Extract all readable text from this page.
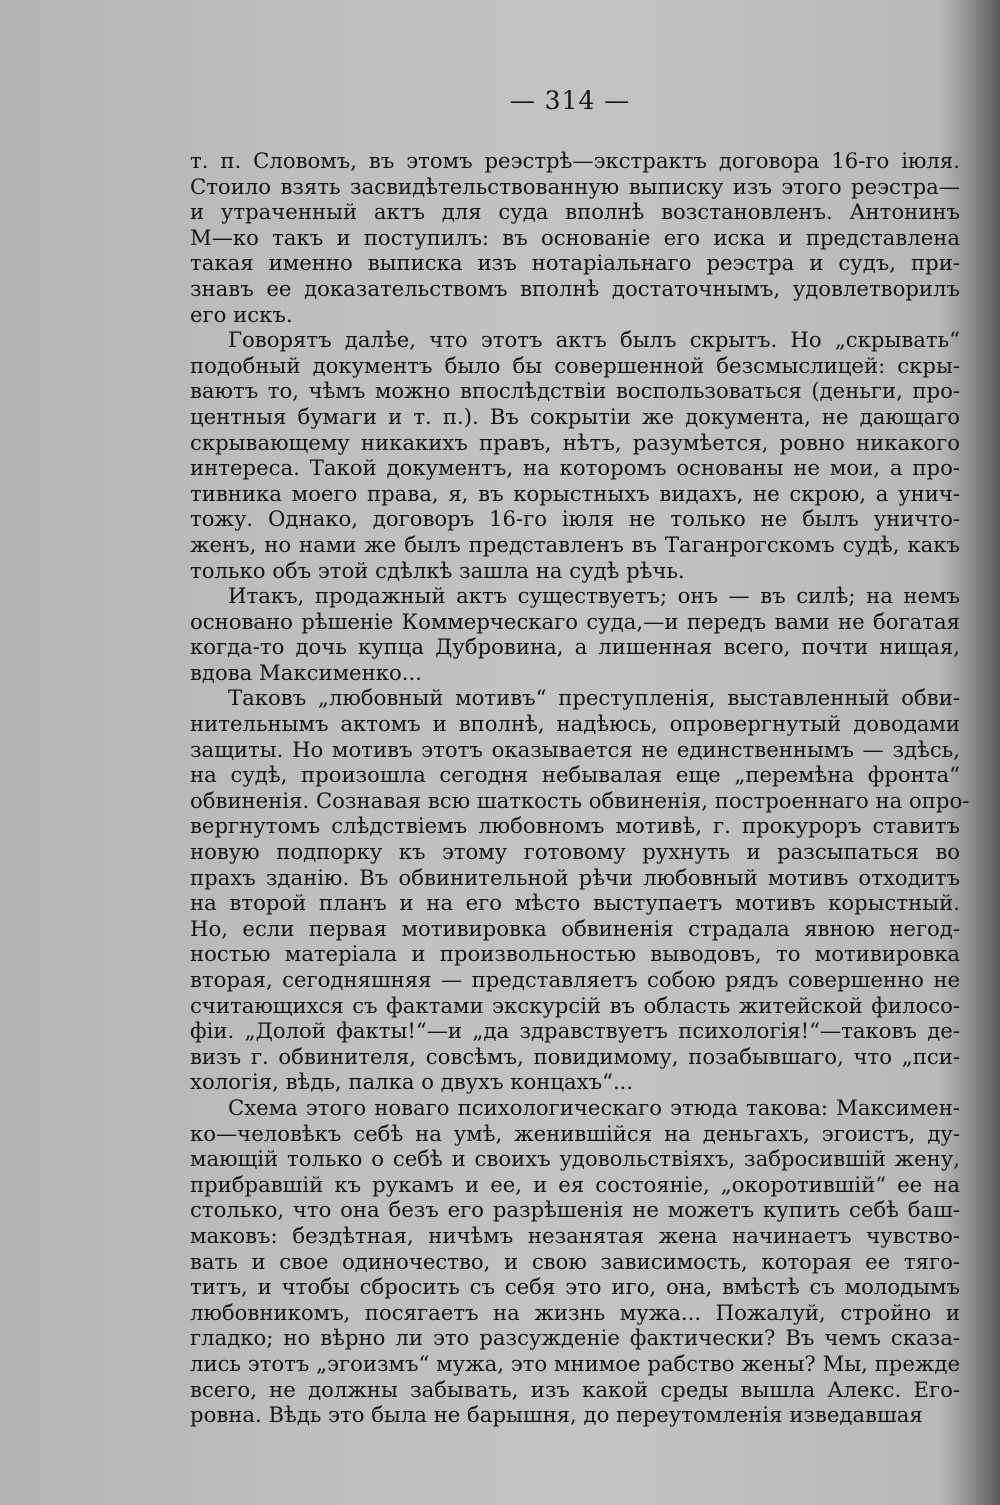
— 314 —
т. п. Словомъ, въ этомъ реэстрѣ—экстрактъ договора 16-го іюля.
Стоило взять засвидѣтельствованную выписку изъ этого реэстра—
и утраченный актъ для суда вполнѣ возстановленъ. Антонинъ
М—ко такъ и поступилъ: въ основаніе его иска и представлена
такая именно выписка изъ нотаріальнаго реэстра и судъ, при-
знавъ ее доказательствомъ вполнѣ достаточнымъ, удовлетворилъ
его искъ.
Говорятъ далѣе, что этотъ актъ былъ скрытъ. Но „скрывать“
подобный документъ было бы совершенной безсмыслицей: скры-
ваютъ то, чѣмъ можно впослѣдствіи воспользоваться (деньги, про-
центныя бумаги и т. п.). Въ сокрытіи же документа, не дающаго
скрывающему никакихъ правъ, нѣтъ, разумѣется, ровно никакого
интереса. Такой документъ, на которомъ основаны не мои, а про-
тивника моего права, я, въ корыстныхъ видахъ, не скрою, а унич-
тожу. Однако, договоръ 16-го іюля не только не былъ уничто-
женъ, но нами же былъ представленъ въ Таганрогскомъ судѣ, какъ
только объ этой сдѣлкѣ зашла на судѣ рѣчь.
Итакъ, продажный актъ существуетъ; онъ — въ силѣ; на немъ
основано рѣшеніе Коммерческаго суда,—и передъ вами не богатая
когда-то дочь купца Дубровина, а лишенная всего, почти нищая,
вдова Максименко...
Таковъ „любовный мотивъ“ преступленія, выставленный обви-
нительнымъ актомъ и вполнѣ, надѣюсь, опровергнутый доводами
защиты. Но мотивъ этотъ оказывается не единственнымъ — здѣсь,
на судѣ, произошла сегодня небывалая еще „перемѣна фронта“
обвиненія. Сознавая всю шаткость обвиненія, построеннаго на опро-
вергнутомъ слѣдствіемъ любовномъ мотивѣ, г. прокуроръ ставитъ
новую подпорку къ этому готовому рухнуть и разсыпаться во
прахъ зданію. Въ обвинительной рѣчи любовный мотивъ отходитъ
на второй планъ и на его мѣсто выступаетъ мотивъ корыстный.
Но, если первая мотивировка обвиненія страдала явною негод-
ностью матеріала и произвольностью выводовъ, то мотивировка
вторая, сегодняшняя — представляетъ собою рядъ совершенно не
считающихся съ фактами экскурсій въ область житейской филосо-
фіи. „Долой факты!“—и „да здравствуетъ психологія!“—таковъ де-
визъ г. обвинителя, совсѣмъ, повидимому, позабывшаго, что „пси-
хологія, вѣдь, палка о двухъ концахъ“...
Схема этого новаго психологическаго этюда такова: Максимен-
ко—человѣкъ себѣ на умѣ, женившійся на деньгахъ, эгоистъ, ду-
мающій только о себѣ и своихъ удовольствіяхъ, забросившій жену,
прибравшій къ рукамъ и ее, и ея состояніе, „окоротившій“ ее на
столько, что она безъ его разрѣшенія не можетъ купить себѣ баш-
маковъ: бездѣтная, ничѣмъ незанятая жена начинаетъ чувство-
вать и свое одиночество, и свою зависимость, которая ее тяго-
титъ, и чтобы сбросить съ себя это иго, она, вмѣстѣ съ молодымъ
любовникомъ, посягаетъ на жизнь мужа... Пожалуй, стройно и
гладко; но вѣрно ли это разсужденіе фактически? Въ чемъ сказа-
лись этотъ „эгоизмъ“ мужа, это мнимое рабство жены? Мы, прежде
всего, не должны забывать, изъ какой среды вышла Алекс. Его-
ровна. Вѣдь это была не барышня, до переутомленія изведавшая
